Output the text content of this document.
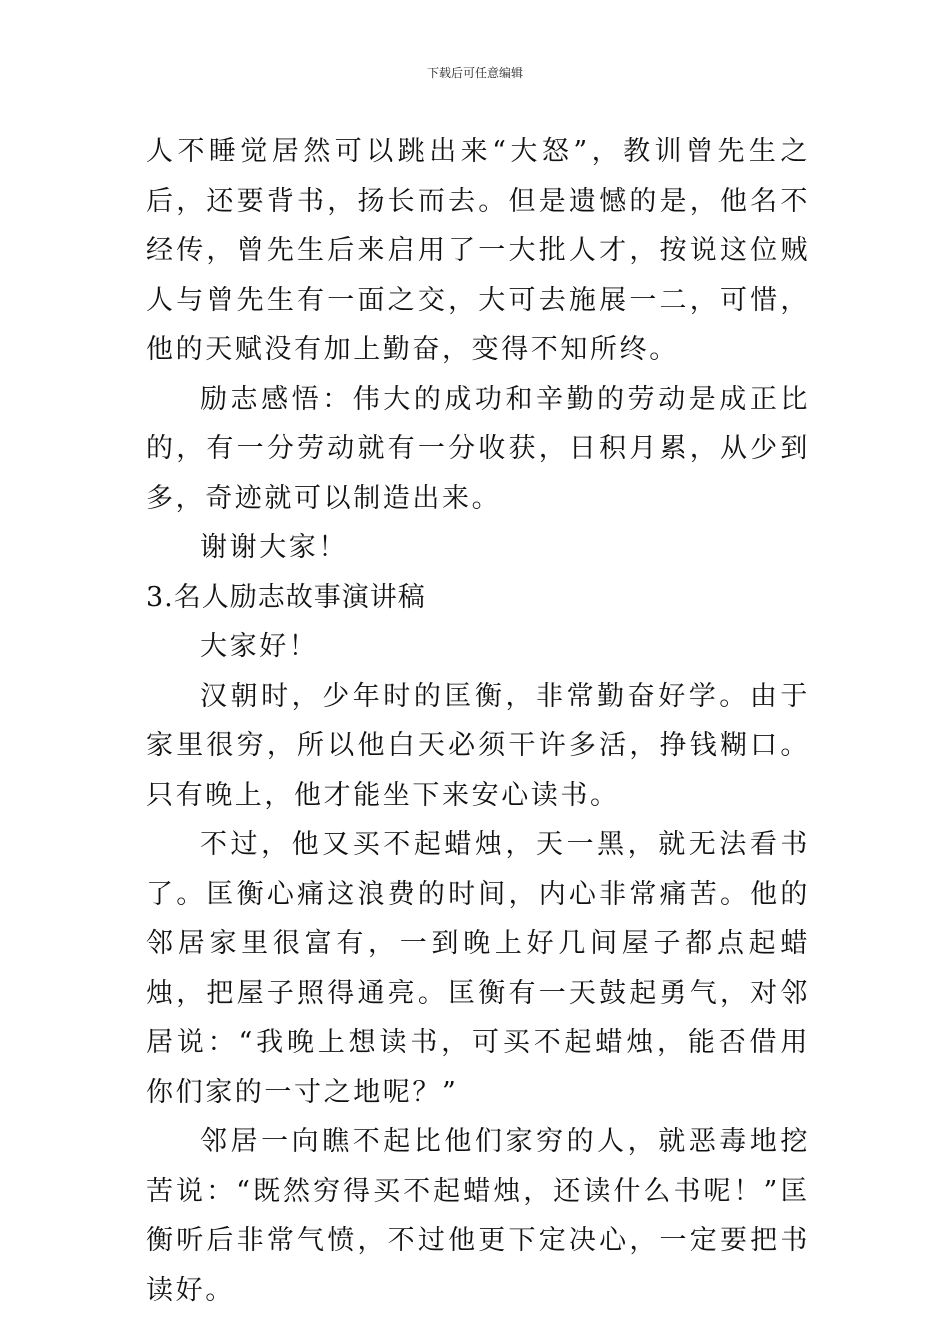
下载后可任意编辑

人不睡觉居然可以跳出来“大怒”，教训曾先生之后，还要背书，扬长而去。但是遗憾的是，他名不经传，曾先生后来启用了一大批人才，按说这位贼人与曾先生有一面之交，大可去施展一二，可惜，他的天赋没有加上勤奋，变得不知所终。

励志感悟：伟大的成功和辛勤的劳动是成正比的，有一分劳动就有一分收获，日积月累，从少到多，奇迹就可以制造出来。

谢谢大家！

3.名人励志故事演讲稿

大家好！

汉朝时，少年时的匡衡，非常勤奋好学。由于家里很穷，所以他白天必须干许多活，挣钱糊口。只有晚上，他才能坐下来安心读书。

不过，他又买不起蜡烛，天一黑，就无法看书了。匡衡心痛这浪费的时间，内心非常痛苦。他的邻居家里很富有，一到晚上好几间屋子都点起蜡烛，把屋子照得通亮。匡衡有一天鼓起勇气，对邻居说：“我晚上想读书，可买不起蜡烛，能否借用你们家的一寸之地呢？”

邻居一向瞧不起比他们家穷的人，就恶毒地挖苦说：“既然穷得买不起蜡烛，还读什么书呢！”匡衡听后非常气愤，不过他更下定决心，一定要把书读好。
